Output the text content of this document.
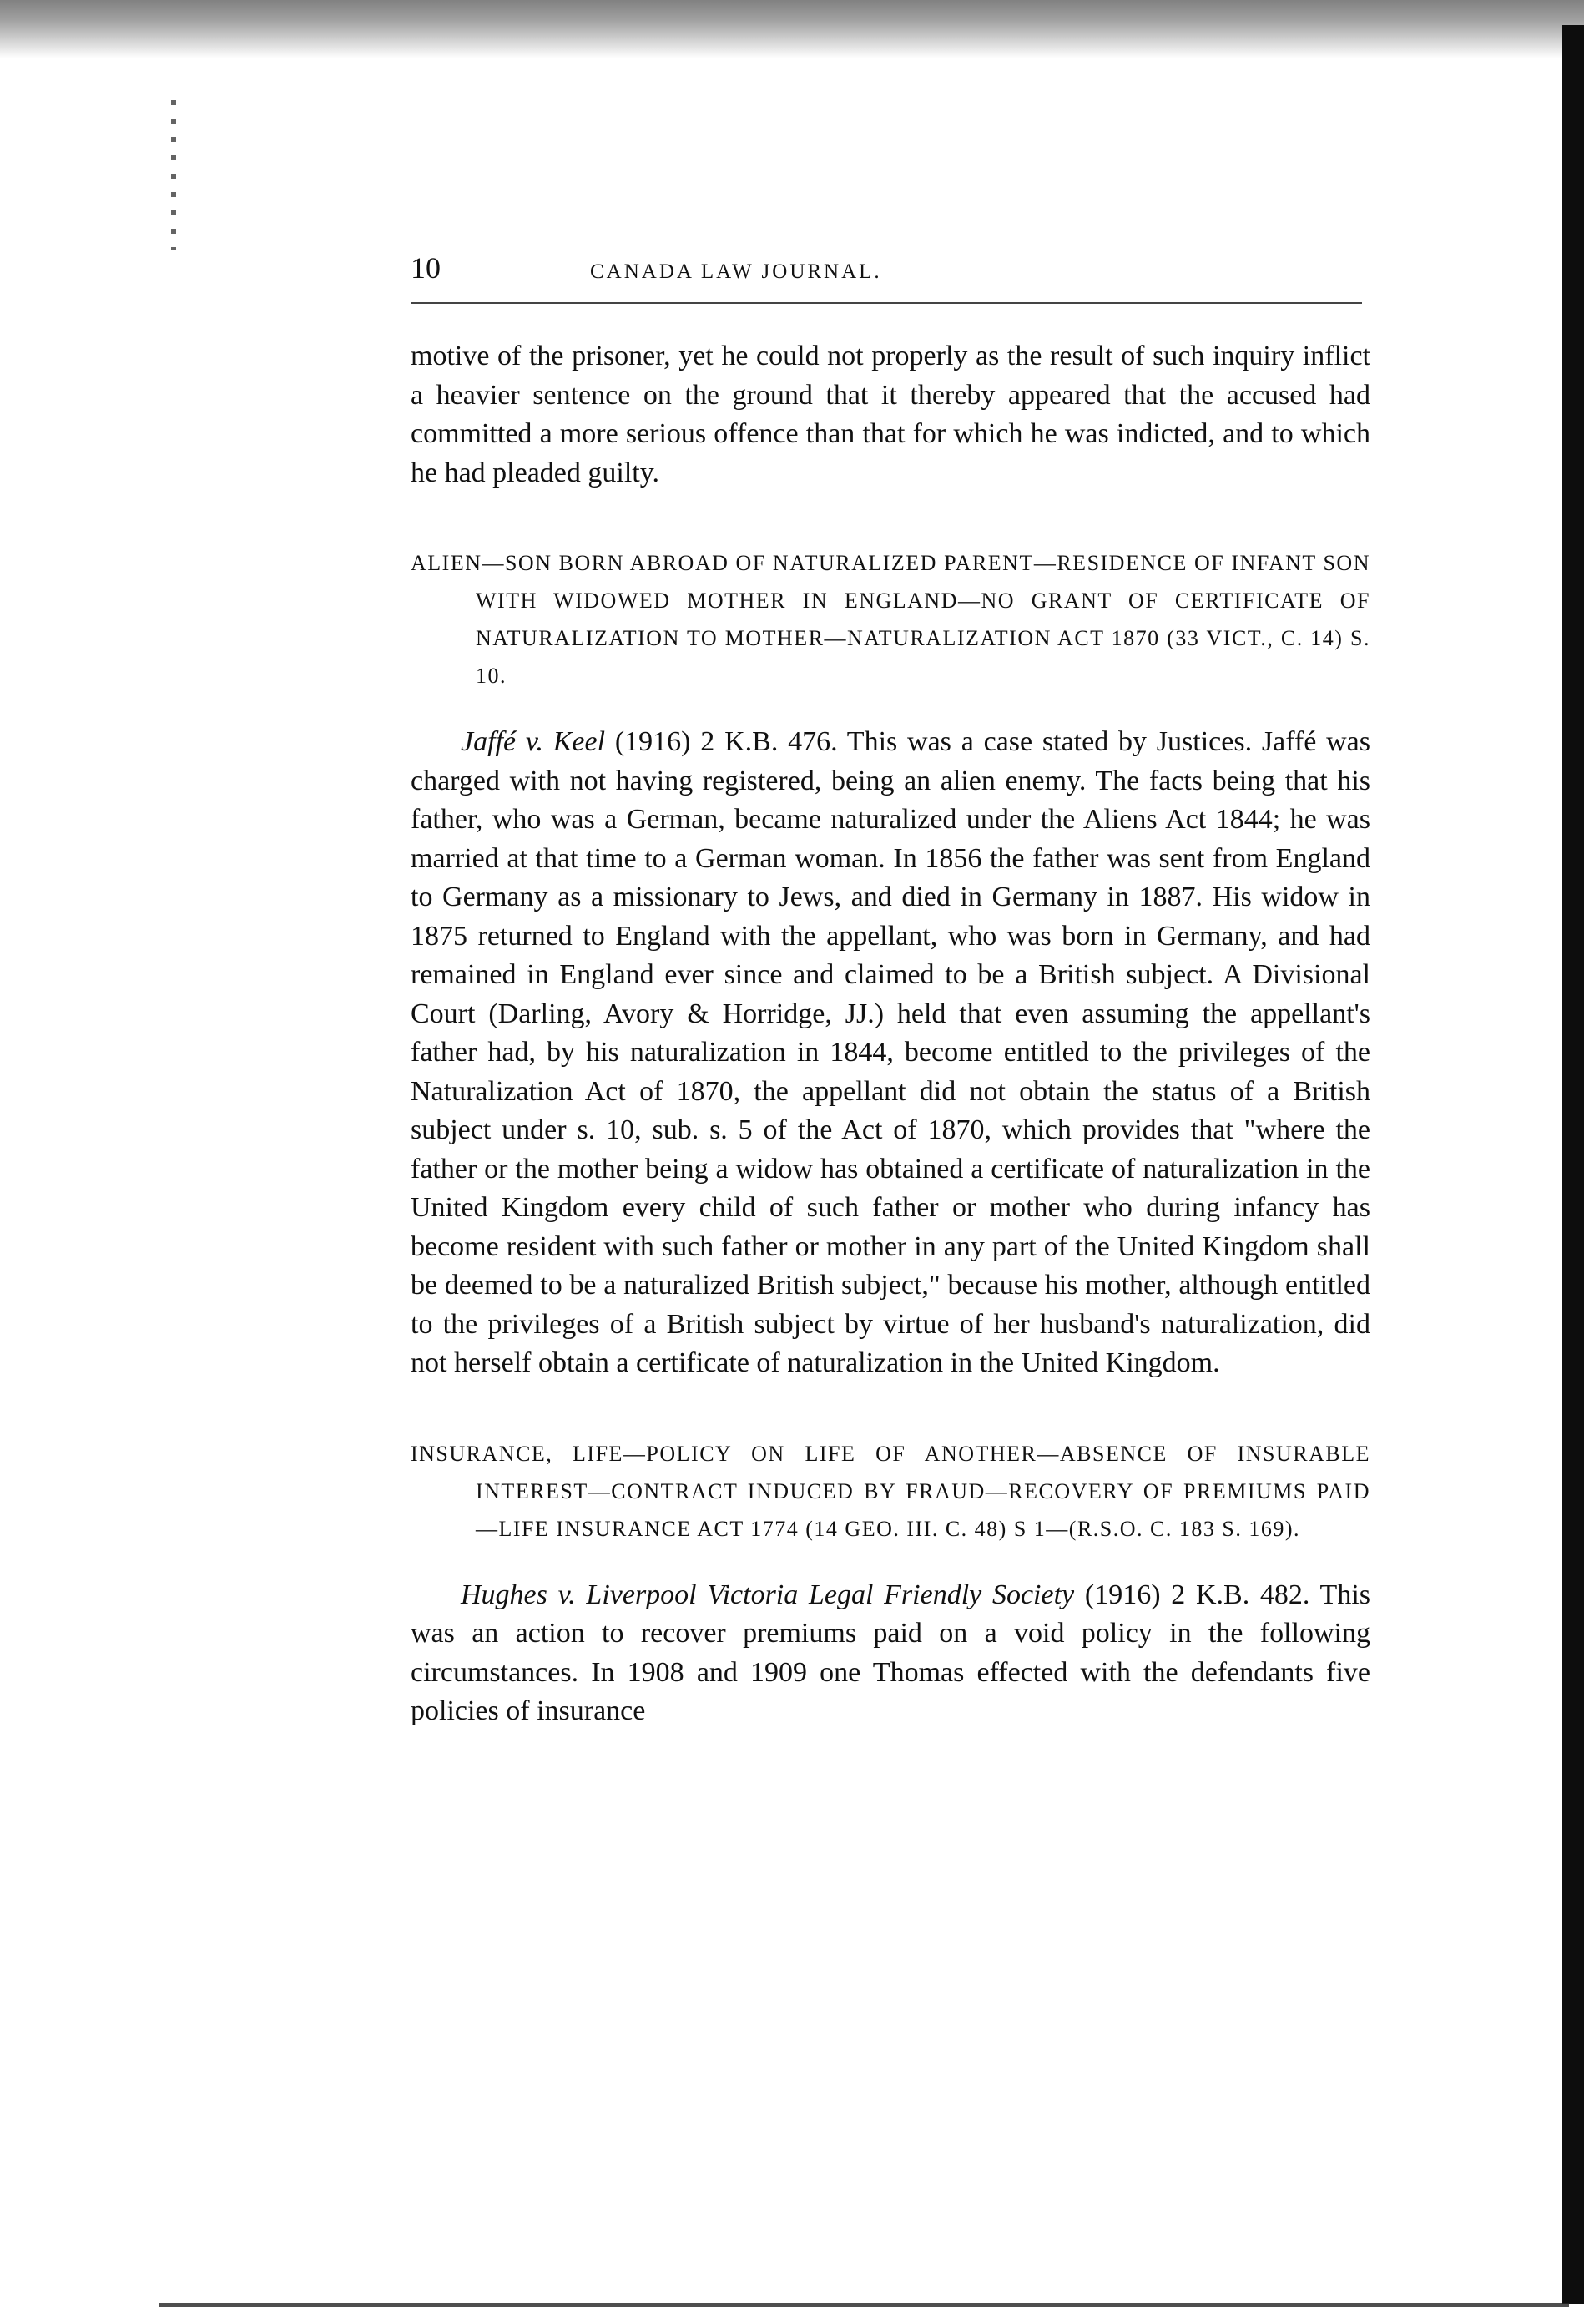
10	CANADA LAW JOURNAL.

motive of the prisoner, yet he could not properly as the result of such inquiry inflict a heavier sentence on the ground that it thereby appeared that the accused had committed a more serious offence than that for which he was indicted, and to which he had pleaded guilty.

ALIEN—SON BORN ABROAD OF NATURALIZED PARENT—RESIDENCE OF INFANT SON WITH WIDOWED MOTHER IN ENGLAND—NO GRANT OF CERTIFICATE OF NATURALIZATION TO MOTHER—NATURALIZATION ACT 1870 (33 VICT., C. 14) S. 10.

Jaffé v. Keel (1916) 2 K.B. 476. This was a case stated by Justices. Jaffé was charged with not having registered, being an alien enemy. The facts being that his father, who was a German, became naturalized under the Aliens Act 1844; he was married at that time to a German woman. In 1856 the father was sent from England to Germany as a missionary to Jews, and died in Germany in 1887. His widow in 1875 returned to England with the appellant, who was born in Germany, and had remained in England ever since and claimed to be a British subject. A Divisional Court (Darling, Avory & Horridge, JJ.) held that even assuming the appellant's father had, by his naturalization in 1844, become entitled to the privileges of the Naturalization Act of 1870, the appellant did not obtain the status of a British subject under s. 10, sub. s. 5 of the Act of 1870, which provides that "where the father or the mother being a widow has obtained a certificate of naturalization in the United Kingdom every child of such father or mother who during infancy has become resident with such father or mother in any part of the United Kingdom shall be deemed to be a naturalized British subject," because his mother, although entitled to the privileges of a British subject by virtue of her husband's naturalization, did not herself obtain a certificate of naturalization in the United Kingdom.

INSURANCE, LIFE—POLICY ON LIFE OF ANOTHER—ABSENCE OF INSURABLE INTEREST—CONTRACT INDUCED BY FRAUD—RECOVERY OF PREMIUMS PAID—LIFE INSURANCE ACT 1774 (14 GEO. III. C. 48) S 1—(R.S.O. C. 183 S. 169).

Hughes v. Liverpool Victoria Legal Friendly Society (1916) 2 K.B. 482. This was an action to recover premiums paid on a void policy in the following circumstances. In 1908 and 1909 one Thomas effected with the defendants five policies of insurance
